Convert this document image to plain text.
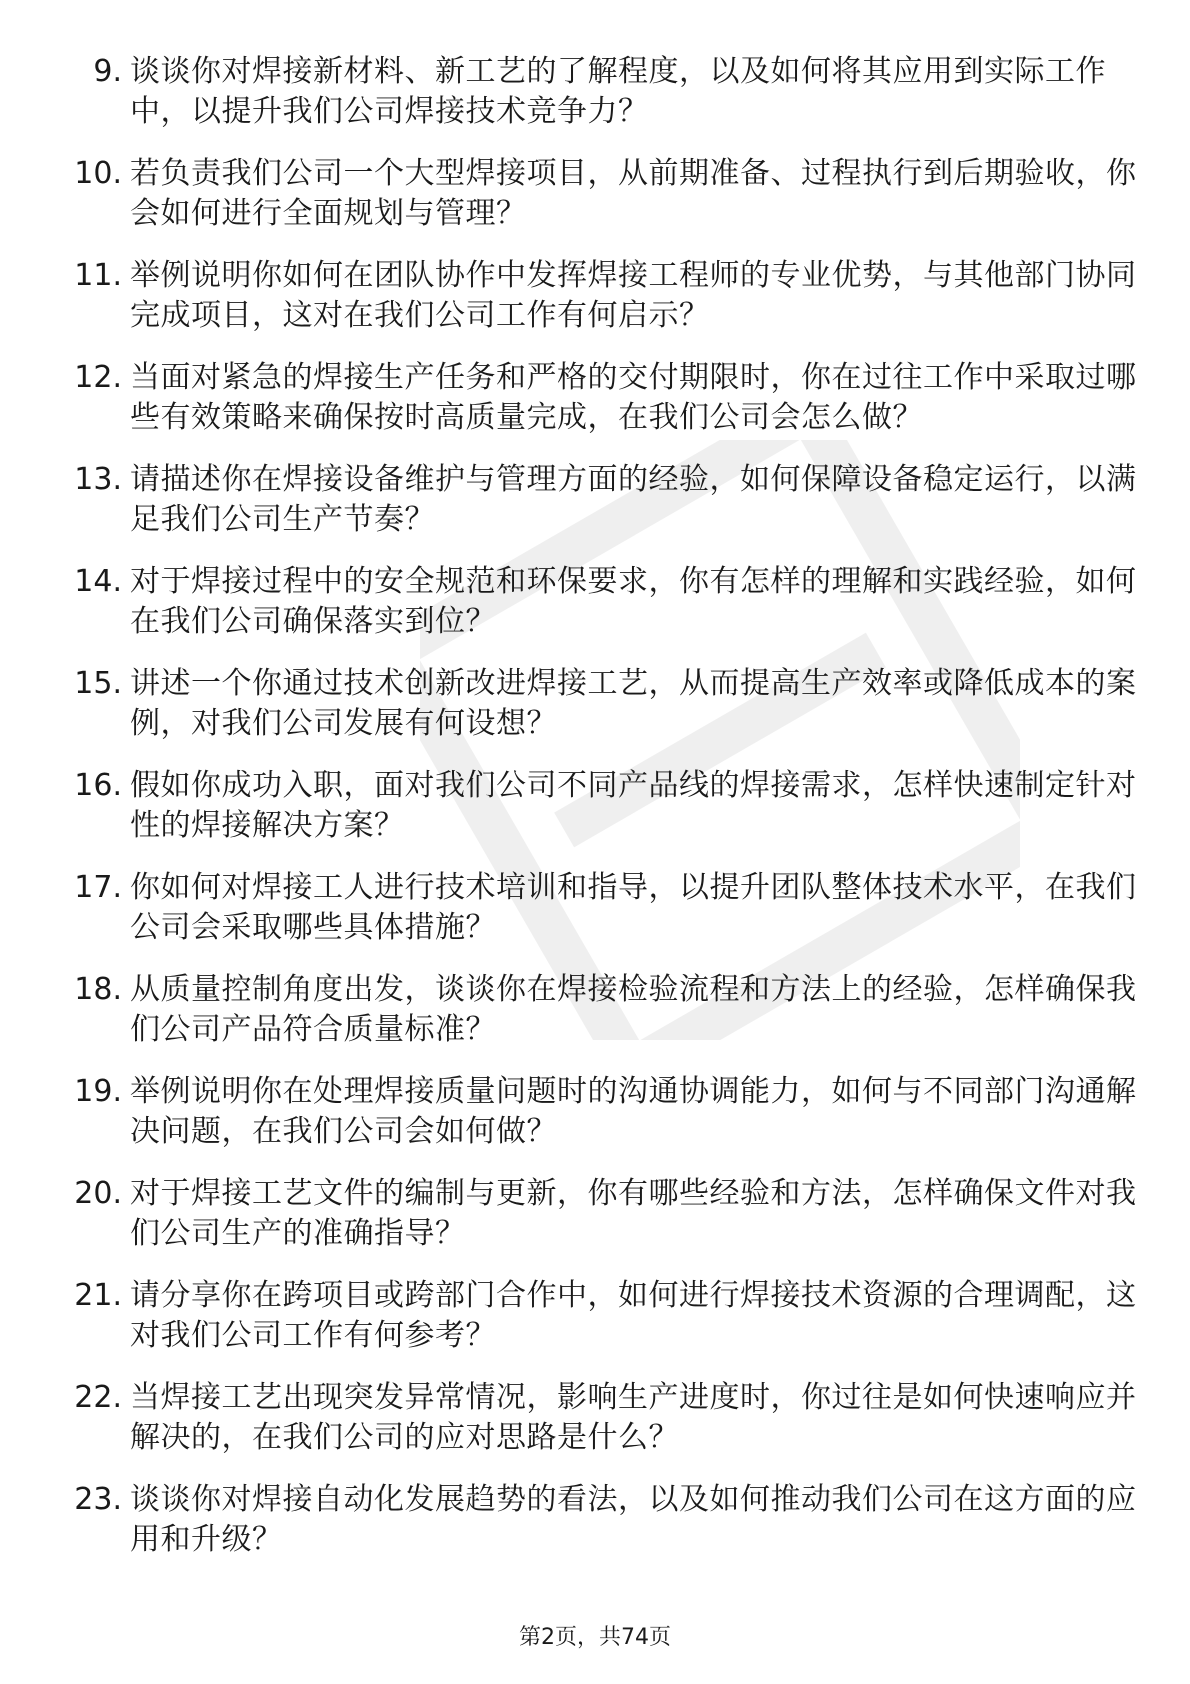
9. 谈谈你对焊接新材料、新工艺的了解程度，以及如何将其应用到实际工作中，以提升我们公司焊接技术竞争力？
10. 若负责我们公司一个大型焊接项目，从前期准备、过程执行到后期验收，你会如何进行全面规划与管理？
11. 举例说明你如何在团队协作中发挥焊接工程师的专业优势，与其他部门协同完成项目，这对在我们公司工作有何启示？
12. 当面对紧急的焊接生产任务和严格的交付期限时，你在过往工作中采取过哪些有效策略来确保按时高质量完成，在我们公司会怎么做？
13. 请描述你在焊接设备维护与管理方面的经验，如何保障设备稳定运行，以满足我们公司生产节奏？
14. 对于焊接过程中的安全规范和环保要求，你有怎样的理解和实践经验，如何在我们公司确保落实到位？
15. 讲述一个你通过技术创新改进焊接工艺，从而提高生产效率或降低成本的案例，对我们公司发展有何设想？
16. 假如你成功入职，面对我们公司不同产品线的焊接需求，怎样快速制定针对性的焊接解决方案？
17. 你如何对焊接工人进行技术培训和指导，以提升团队整体技术水平，在我们公司会采取哪些具体措施？
18. 从质量控制角度出发，谈谈你在焊接检验流程和方法上的经验，怎样确保我们公司产品符合质量标准？
19. 举例说明你在处理焊接质量问题时的沟通协调能力，如何与不同部门沟通解决问题，在我们公司会如何做？
20. 对于焊接工艺文件的编制与更新，你有哪些经验和方法，怎样确保文件对我们公司生产的准确指导？
21. 请分享你在跨项目或跨部门合作中，如何进行焊接技术资源的合理调配，这对我们公司工作有何参考？
22. 当焊接工艺出现突发异常情况，影响生产进度时，你过往是如何快速响应并解决的，在我们公司的应对思路是什么？
23. 谈谈你对焊接自动化发展趋势的看法，以及如何推动我们公司在这方面的应用和升级？
第2页，共74页
